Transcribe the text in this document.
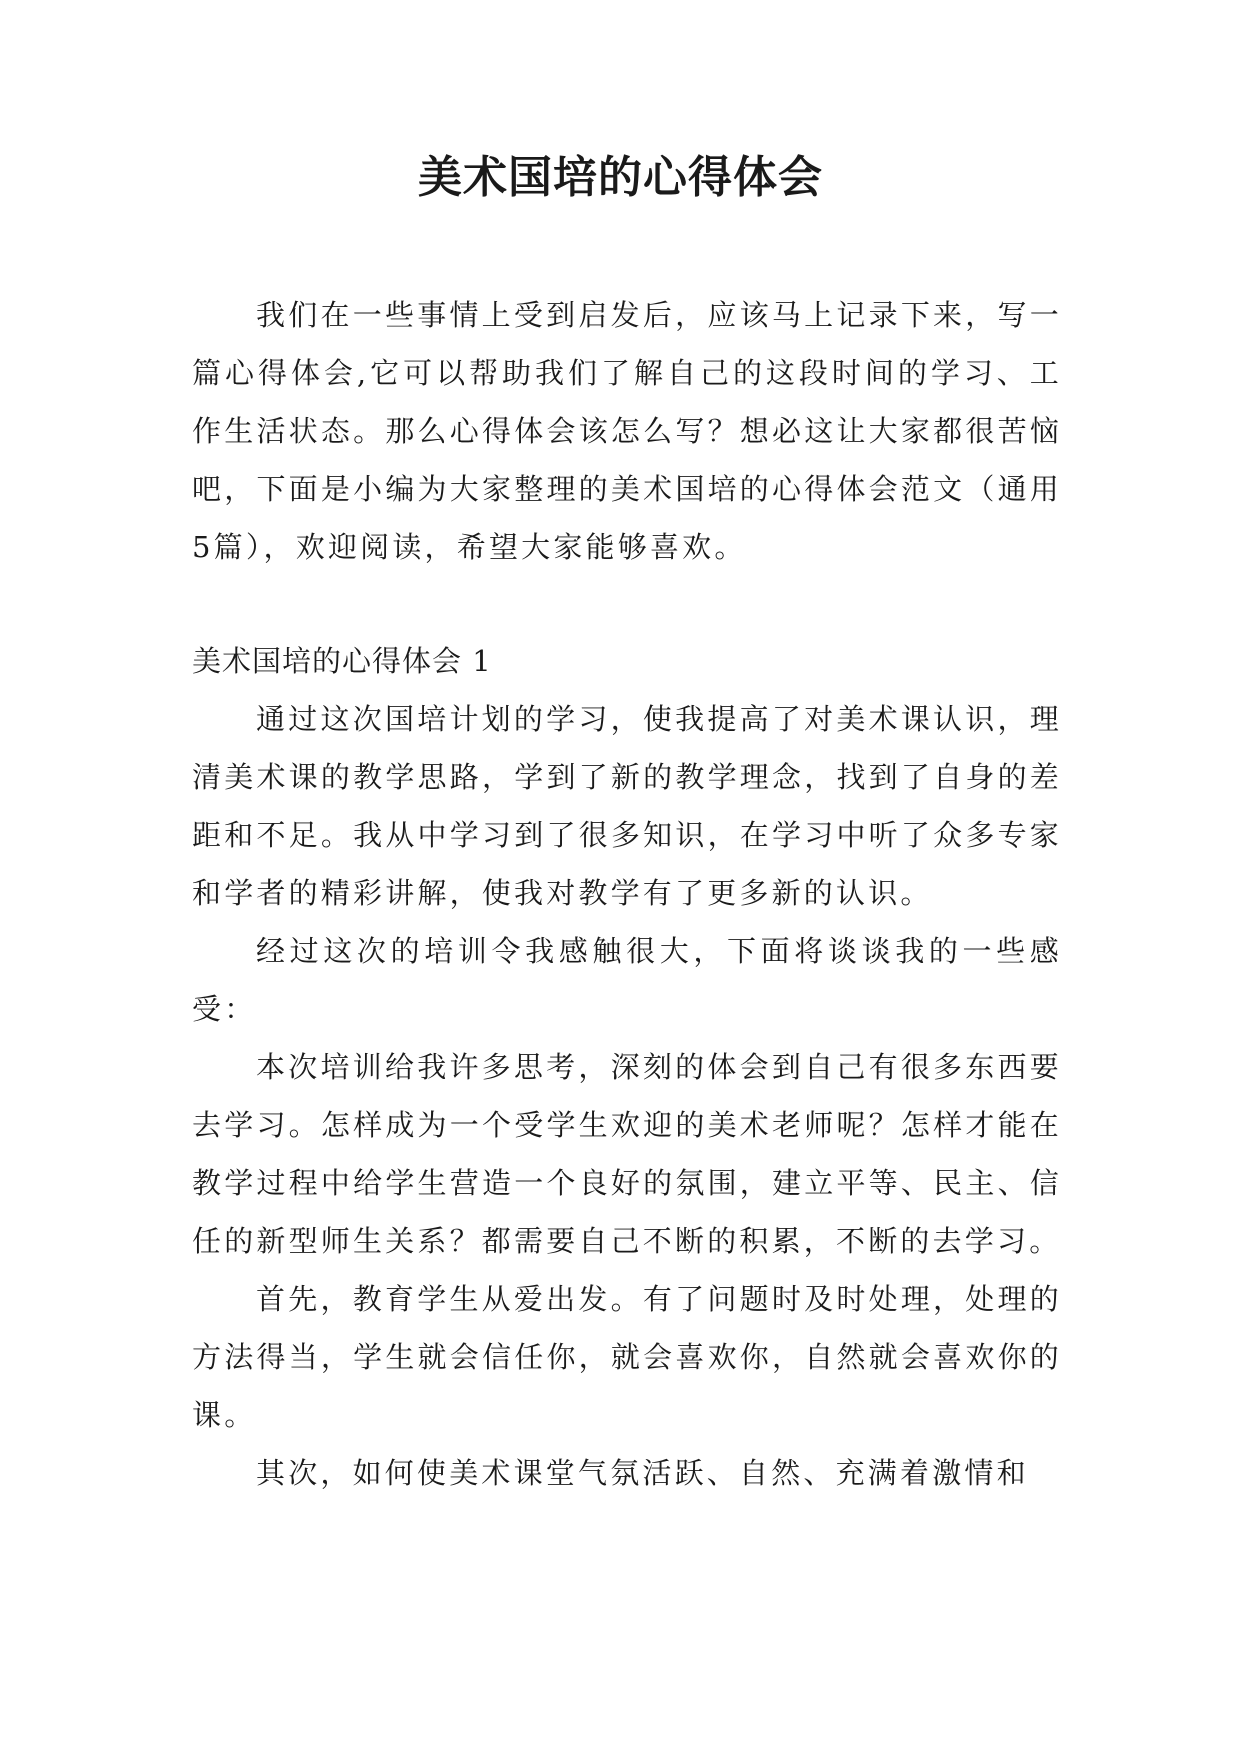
美术国培的心得体会

我们在一些事情上受到启发后，应该马上记录下来，写一篇心得体会,它可以帮助我们了解自己的这段时间的学习、工作生活状态。那么心得体会该怎么写？想必这让大家都很苦恼吧，下面是小编为大家整理的美术国培的心得体会范文（通用5篇），欢迎阅读，希望大家能够喜欢。

美术国培的心得体会 1

通过这次国培计划的学习，使我提高了对美术课认识，理清美术课的教学思路，学到了新的教学理念，找到了自身的差距和不足。我从中学习到了很多知识，在学习中听了众多专家和学者的精彩讲解，使我对教学有了更多新的认识。

经过这次的培训令我感触很大，下面将谈谈我的一些感受：

本次培训给我许多思考，深刻的体会到自己有很多东西要去学习。怎样成为一个受学生欢迎的美术老师呢？怎样才能在教学过程中给学生营造一个良好的氛围，建立平等、民主、信任的新型师生关系？都需要自己不断的积累，不断的去学习。

首先，教育学生从爱出发。有了问题时及时处理，处理的方法得当，学生就会信任你，就会喜欢你，自然就会喜欢你的课。

其次，如何使美术课堂气氛活跃、自然、充满着激情和
